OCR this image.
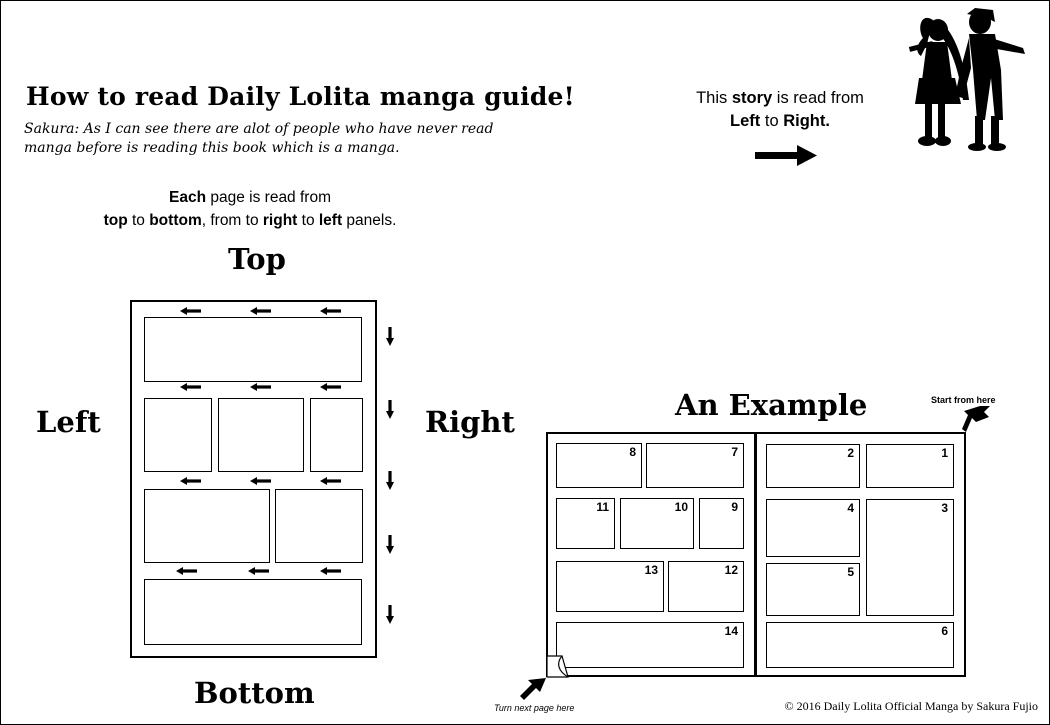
How to read Daily Lolita manga guide!
Sakura: As I can see there are alot of people who have never read manga before is reading this book which is a manga.
Each page is read from
top to bottom, from to right to left panels.
This story is read from
Left to Right.
Top
Bottom
Left	Right	An Example	Start from here
1
2
3
4
5
6
7
8
9
10
11
12
13
14
Turn next page here	© 2016 Daily Lolita Official Manga by Sakura Fujio
